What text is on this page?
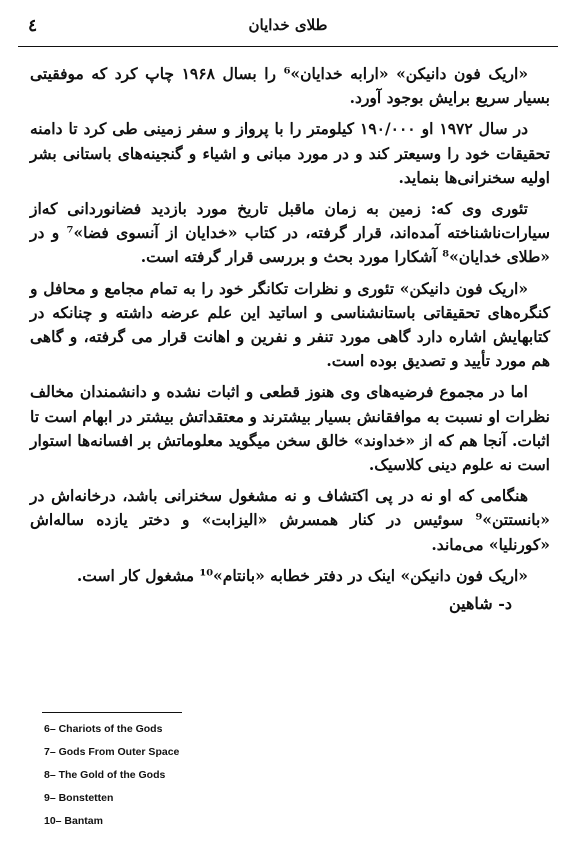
٤	طلای خدایان

«اریک فون دانیکن» «ارابه خدایان»⁶ را بسال ۱۹۶۸ چاپ کرد که موفقیتی بسیار سریع برایش بوجود آورد.

در سال ۱۹۷۲ او ۱۹۰/۰۰۰ کیلومتر را با پرواز و سفر زمینی طی کرد تا دامنه تحقیقات خود را وسیعتر کند و در مورد مبانی و اشیاء و گنجینه‌های باستانی بشر اولیه سخنرانی‌ها بنماید.

تئوری وی که: زمین به زمان ماقبل تاریخ مورد بازدید فضانوردانی که‌از سیارات‌ناشناخته آمده‌اند، قرار گرفته، در کتاب «خدایان از آنسوی فضا»⁷ و در «طلای خدایان»⁸ آشکارا مورد بحث و بررسی قرار گرفته است.

«اریک فون دانیکن» تئوری و نظرات تکانگر خود را به تمام مجامع و محافل و کنگره‌های تحقیقاتی باستانشناسی و اساتید این علم عرضه داشته و چنانکه در کتابهایش اشاره دارد گاهی مورد تنفر و نفرین و اهانت قرار می گرفته، و گاهی هم مورد تأیید و تصدیق بوده است.

اما در مجموع فرضیه‌های وی هنوز قطعی و اثبات نشده و دانشمندان مخالف نظرات او نسبت به موافقانش بسیار بیشترند و معتقداتش بیشتر در ابهام است تا اثبات. آنجا هم که از «خداوند» خالق سخن میگوید معلوماتش بر افسانه‌ها استوار است نه علوم دینی کلاسیک.

هنگامی که او نه در پی اکتشاف و نه مشغول سخنرانی باشد، در‌خانه‌اش در «بانستتن»⁹ سوئیس در کنار همسرش «الیزابت» و دختر یازده ساله‌اش «کورنلیا» می‌ماند.

«اریک فون دانیکن» اینک در دفتر خطابه «بانتام»¹⁰ مشغول کار است.

د- شاهین
6– Chariots of the Gods
7– Gods From Outer Space
8– The Gold of the Gods
9– Bonstetten
10– Bantam
